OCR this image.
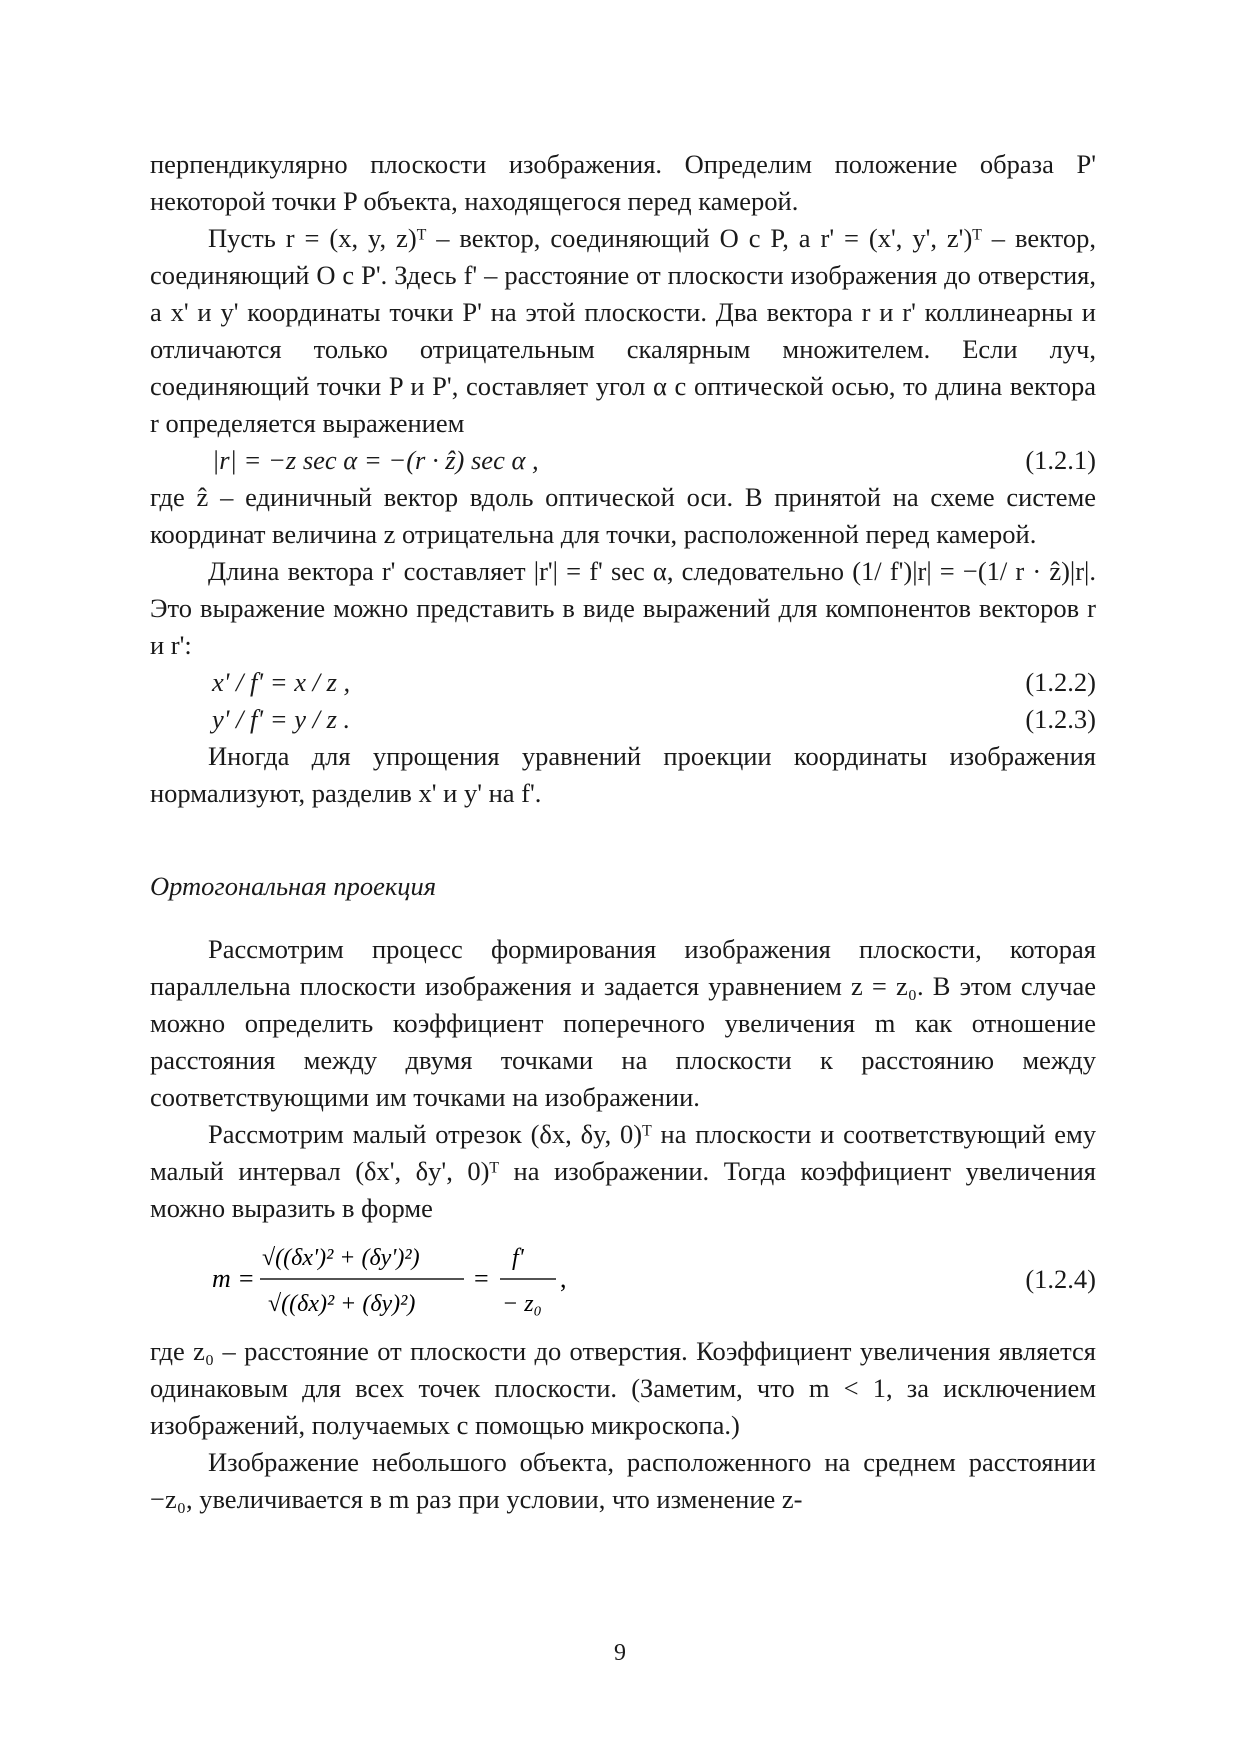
перпендикулярно плоскости изображения. Определим положение образа P' некоторой точки P объекта, находящегося перед камерой.

Пусть r = (x, y, z)ᵀ – вектор, соединяющий O с P, а r' = (x', y', z')ᵀ – вектор, соединяющий O с P'. Здесь f' – расстояние от плоскости изображения до отверстия, а x' и y' координаты точки P' на этой плоскости. Два вектора r и r' коллинеарны и отличаются только отрицательным скалярным множителем. Если луч, соединяющий точки P и P', составляет угол α с оптической осью, то длина вектора r определяется выражением

|r| = −z sec α = −(r · ẑ) sec α ,	(1.2.1)

где ẑ – единичный вектор вдоль оптической оси. В принятой на схеме системе координат величина z отрицательна для точки, расположенной перед камерой.

Длина вектора r' составляет |r'| = f' sec α, следовательно (1/ f')|r| = −(1/ r · ẑ)|r|. Это выражение можно представить в виде выражений для компонентов векторов r и r':

x' / f' = x / z ,	(1.2.2)
y' / f' = y / z .	(1.2.3)

Иногда для упрощения уравнений проекции координаты изображения нормализуют, разделив x' и y' на f'.

Ортогональная проекция

Рассмотрим процесс формирования изображения плоскости, которая параллельна плоскости изображения и задается уравнением z = z₀. В этом случае можно определить коэффициент поперечного увеличения m как отношение расстояния между двумя точками на плоскости к расстоянию между соответствующими им точками на изображении.

Рассмотрим малый отрезок (δx, δy, 0)ᵀ на плоскости и соответствующий ему малый интервал (δx', δy', 0)ᵀ на изображении. Тогда коэффициент увеличения можно выразить в форме

m =
√((δx')² + (δy')²)
√((δx)² + (δy)²)
=
f'
− z₀
,	(1.2.4)

где z₀ – расстояние от плоскости до отверстия. Коэффициент увеличения является одинаковым для всех точек плоскости. (Заметим, что m < 1, за исключением изображений, получаемых с помощью микроскопа.)

Изображение небольшого объекта, расположенного на среднем расстоянии −z₀, увеличивается в m раз при условии, что изменение z-

9
